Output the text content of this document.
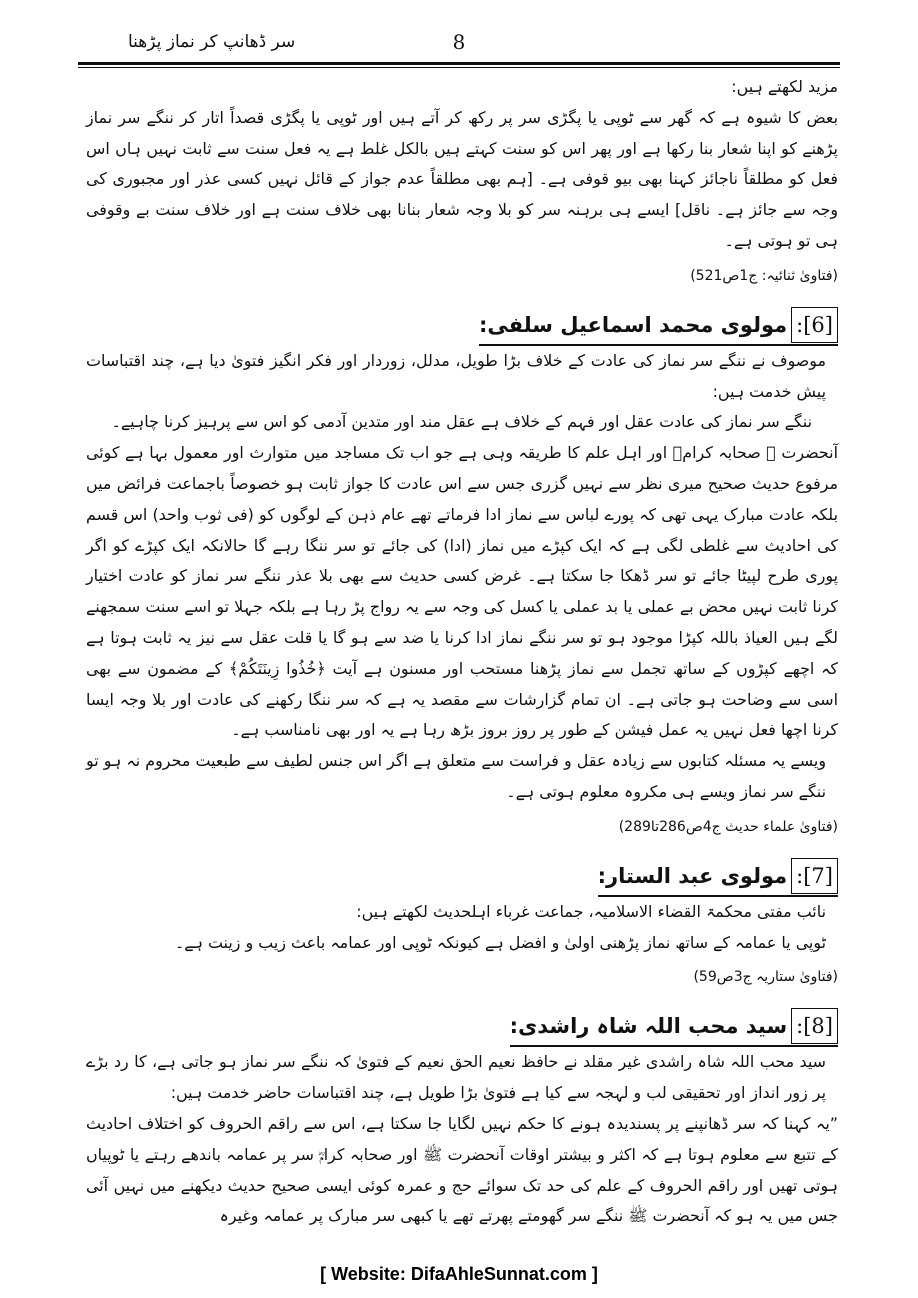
سر ڈھانپ کر نماز پڑھنا	8

مزید لکھتے ہیں:

بعض کا شیوہ ہے کہ گھر سے ٹوپی یا پگڑی سر پر رکھ کر آتے ہیں اور ٹوپی یا پگڑی قصداً اتار کر ننگے سر نماز پڑھنے کو اپنا شعار بنا رکھا ہے اور پھر اس کو سنت کہتے ہیں بالکل غلط ہے یہ فعل سنت سے ثابت نہیں ہاں اس فعل کو مطلقاً ناجائز کہنا بھی بیو قوفی ہے۔ [ہم بھی مطلقاً عدم جواز کے قائل نہیں کسی عذر اور مجبوری کی وجہ سے جائز ہے۔ ناقل] ایسے ہی برہنہ سر کو بلا وجہ شعار بنانا بھی خلاف سنت ہے اور خلاف سنت بے وقوفی ہی تو ہوتی ہے۔

(فتاویٰ ثنائیہ: ج1ص521)

[6]:مولوی محمد اسماعیل سلفی:

موصوف نے ننگے سر نماز کی عادت کے خلاف بڑا طویل، مدلل، زوردار اور فکر انگیز فتویٰ دیا ہے، چند اقتباسات پیش خدمت ہیں:

ننگے سر نماز کی عادت عقل اور فہم کے خلاف ہے عقل مند اور متدین آدمی کو اس سے پرہیز کرنا چاہیے۔

آنحضرت ﷺ صحابہ کرامؓ اور اہل علم کا طریقہ وہی ہے جو اب تک مساجد میں متوارث اور معمول بہا ہے کوئی مرفوع حدیث صحیح میری نظر سے نہیں گزری جس سے اس عادت کا جواز ثابت ہو خصوصاً باجماعت فرائض میں بلکہ عادت مبارک یہی تھی کہ پورے لباس سے نماز ادا فرماتے تھے عام ذہن کے لوگوں کو (فی ثوب واحد) اس قسم کی احادیث سے غلطی لگی ہے کہ ایک کپڑے میں نماز (ادا) کی جائے تو سر ننگا رہے گا حالانکہ ایک کپڑے کو اگر پوری طرح لپیٹا جائے تو سر ڈھکا جا سکتا ہے۔ غرض کسی حدیث سے بھی بلا عذر ننگے سر نماز کو عادت اختیار کرنا ثابت نہیں محض بے عملی یا بد عملی یا کسل کی وجہ سے یہ رواج پڑ رہا ہے بلکہ جہلا تو اسے سنت سمجھنے لگے ہیں العیاذ باللہ کپڑا موجود ہو تو سر ننگے نماز ادا کرنا یا ضد سے ہو گا یا قلت عقل سے نیز یہ ثابت ہوتا ہے کہ اچھے کپڑوں کے ساتھ تجمل سے نماز پڑھنا مستحب اور مسنون ہے آیت ﴿خُذُوا زِينَتَكُمْ﴾ کے مضمون سے بھی اسی سے وضاحت ہو جاتی ہے۔ ان تمام گزارشات سے مقصد یہ ہے کہ سر ننگا رکھنے کی عادت اور بلا وجہ ایسا کرنا اچھا فعل نہیں یہ عمل فیشن کے طور پر روز بروز بڑھ رہا ہے یہ اور بھی نامناسب ہے۔

ویسے یہ مسئلہ کتابوں سے زیادہ عقل و فراست سے متعلق ہے اگر اس جنس لطیف سے طبعیت محروم نہ ہو تو ننگے سر نماز ویسے ہی مکروہ معلوم ہوتی ہے۔

(فتاویٰ علماء حدیث ج4ص286تا289)

[7]:مولوی عبد الستار:

نائب مفتی محکمۃ القضاء الاسلامیہ، جماعت غرباء اہلحدیث لکھتے ہیں:

ٹوپی یا عمامہ کے ساتھ نماز پڑھنی اولیٰ و افضل ہے کیونکہ ٹوپی اور عمامہ باعث زیب و زینت ہے۔

(فتاویٰ ستاریہ ج3ص59)

[8]:سید محب اللہ شاہ راشدی:

سید محب اللہ شاہ راشدی غیر مقلد نے حافظ نعیم الحق نعیم کے فتویٰ کہ ننگے سر نماز ہو جاتی ہے، کا رد بڑے پر زور انداز اور تحقیقی لب و لہجہ سے کیا ہے فتویٰ بڑا طویل ہے، چند اقتباسات حاضر خدمت ہیں:

”یہ کہنا کہ سر ڈھانپنے پر پسندیدہ ہونے کا حکم نہیں لگایا جا سکتا ہے، اس سے راقم الحروف کو اختلاف احادیث کے تتبع سے معلوم ہوتا ہے کہ اکثر و بیشتر اوقات آنحضرت ﷺ اور صحابہ کرامؓ سر پر عمامہ باندھے رہتے یا ٹوپیاں ہوتی تھیں اور راقم الحروف کے علم کی حد تک سوائے حج و عمرہ کوئی ایسی صحیح حدیث دیکھنے میں نہیں آئی جس میں یہ ہو کہ آنحضرت ﷺ ننگے سر گھومتے پھرتے تھے یا کبھی سر مبارک پر عمامہ وغیرہ

[ Website: DifaAhleSunnat.com ]
